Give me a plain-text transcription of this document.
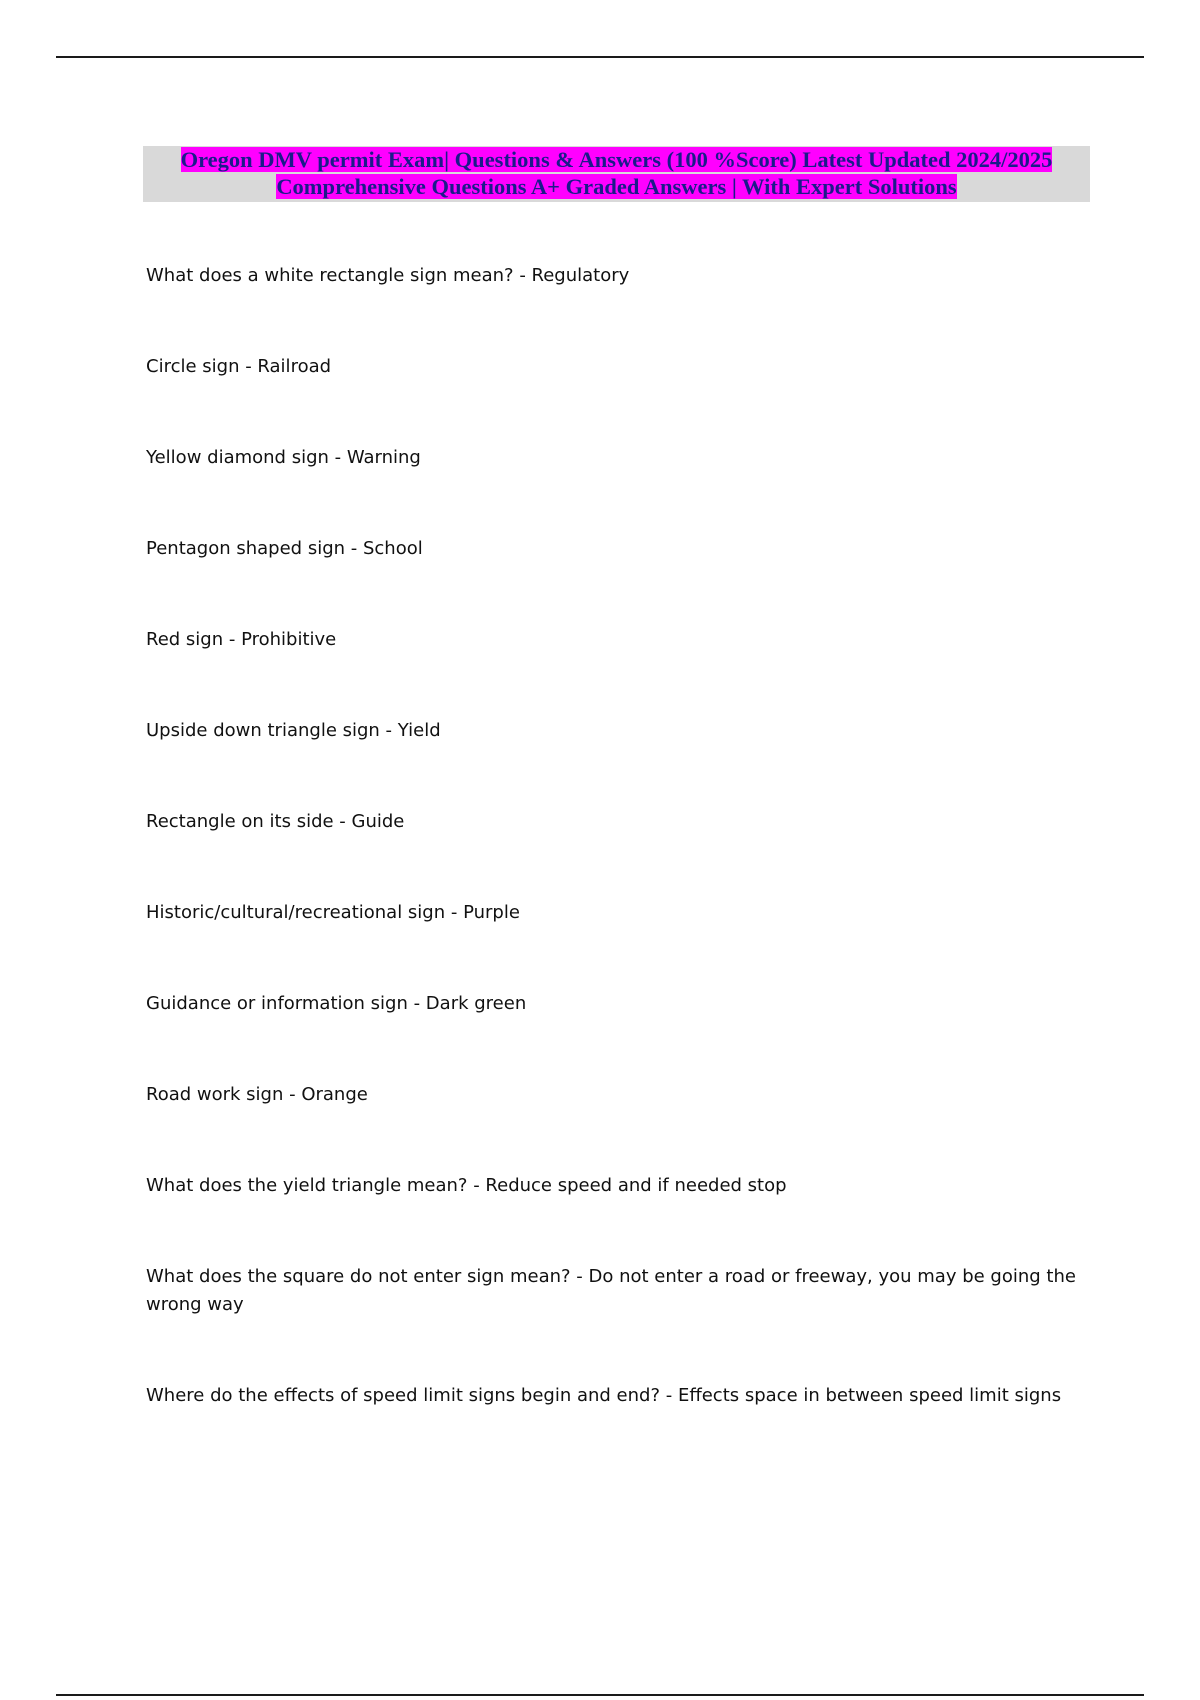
Oregon DMV permit Exam| Questions & Answers (100 %Score) Latest Updated 2024/2025
Comprehensive Questions A+ Graded Answers | With Expert Solutions
What does a white rectangle sign mean? - Regulatory
Circle sign - Railroad
Yellow diamond sign - Warning
Pentagon shaped sign - School
Red sign - Prohibitive
Upside down triangle sign - Yield
Rectangle on its side - Guide
Historic/cultural/recreational sign - Purple
Guidance or information sign - Dark green
Road work sign - Orange
What does the yield triangle mean? - Reduce speed and if needed stop
What does the square do not enter sign mean? - Do not enter a road or freeway, you may be going the wrong way
Where do the effects of speed limit signs begin and end? - Effects space in between speed limit signs
